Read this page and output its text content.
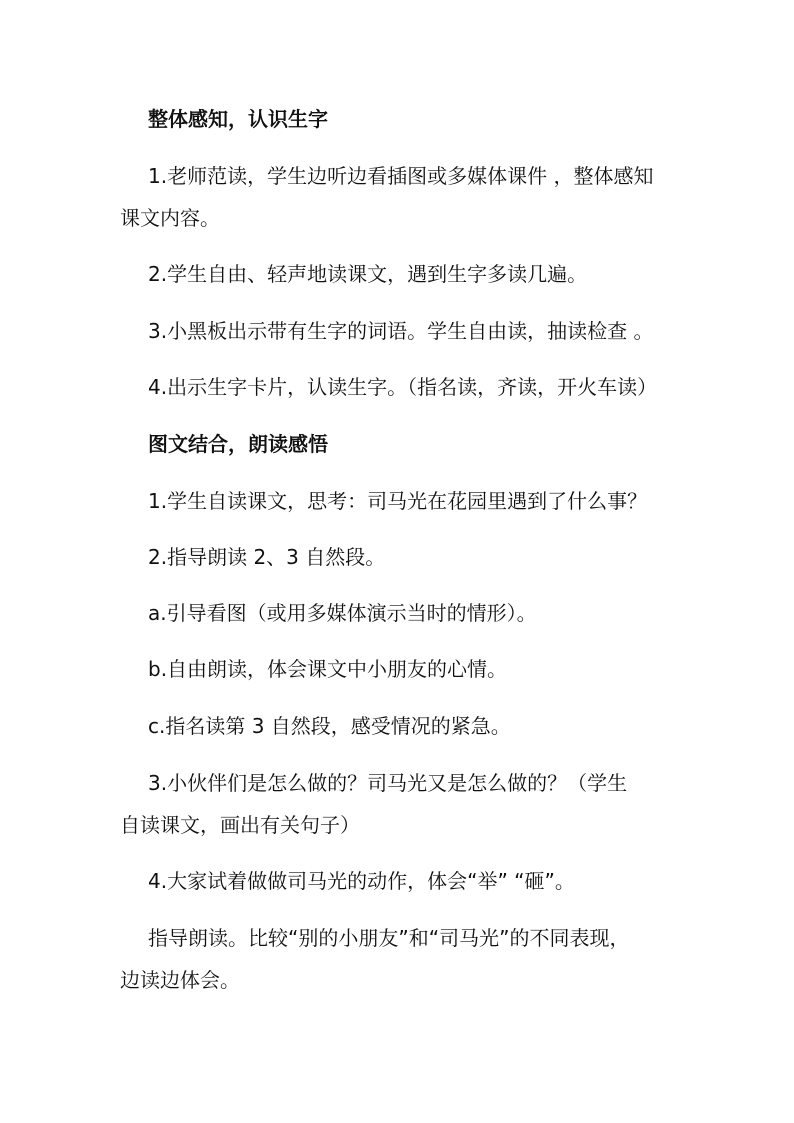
整体感知，认识生字
1.老师范读，学生边听边看插图或多媒体课件 ，整体感知
课文内容。
2.学生自由、轻声地读课文，遇到生字多读几遍。
3.小黑板出示带有生字的词语。学生自由读，抽读检查 。
4.出示生字卡片，认读生字。（指名读，齐读，开火车读）
图文结合，朗读感悟
1.学生自读课文，思考：司马光在花园里遇到了什么事？
2.指导朗读 2、3 自然段。
a.引导看图（或用多媒体演示当时的情形）。
b.自由朗读，体会课文中小朋友的心情。
c.指名读第 3 自然段，感受情况的紧急。
3.小伙伴们是怎么做的？司马光又是怎么做的？（学生
自读课文，画出有关句子）
4.大家试着做做司马光的动作，体会“举” “砸”。
指导朗读。比较“别的小朋友”和“司马光”的不同表现，
边读边体会。
